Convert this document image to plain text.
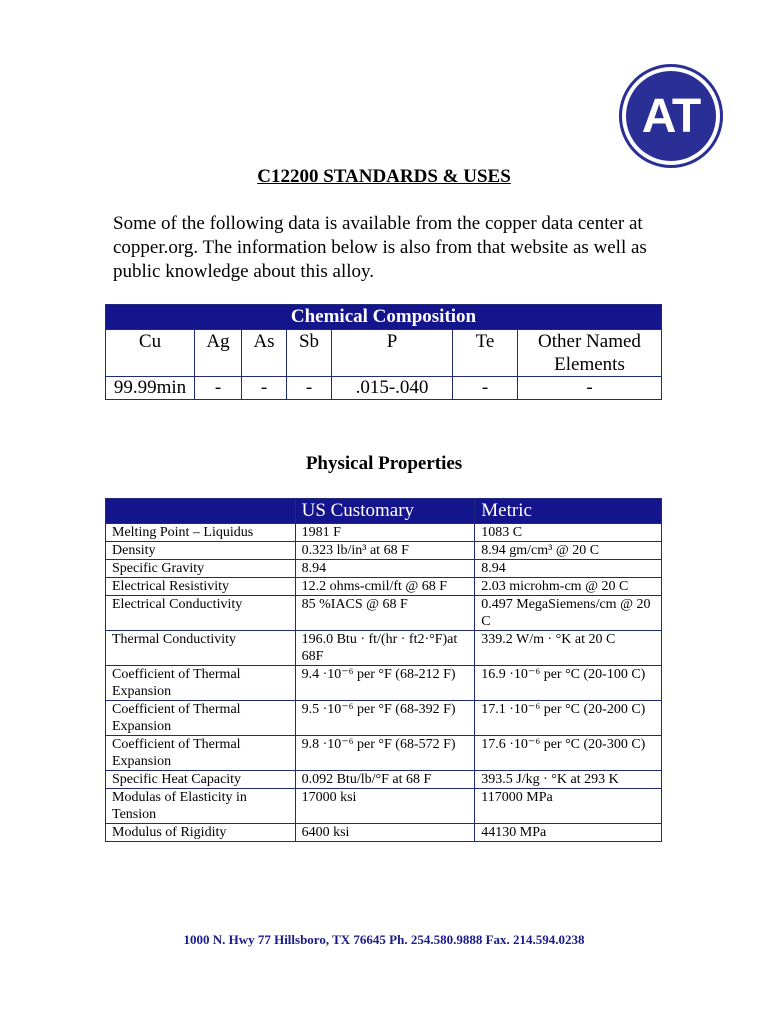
AT
C12200 STANDARDS & USES

Some of the following data is available from the copper data center at copper.org. The information below is also from that website as well as public knowledge about this alloy.

Chemical Composition						
Cu	Ag	As	Sb	P	Te	Other Named Elements
99.99min	-	-	-	.015-.040	-	-
Physical Properties
	US Customary	Metric
Melting Point – Liquidus	1981 F	1083 C
Density	0.323 lb/in³ at 68 F	8.94 gm/cm³ @ 20 C
Specific Gravity	8.94	8.94
Electrical Resistivity	12.2 ohms-cmil/ft @ 68 F	2.03 microhm-cm @ 20 C
Electrical Conductivity	85 %IACS @ 68 F	0.497 MegaSiemens/cm @ 20 C
Thermal Conductivity	196.0 Btu · ft/(hr · ft2·°F)at 68F	339.2 W/m · °K at 20 C
Coefficient of Thermal Expansion	9.4 ·10⁻⁶ per °F (68-212 F)	16.9 ·10⁻⁶ per °C (20-100 C)
Coefficient of Thermal Expansion	9.5 ·10⁻⁶ per °F (68-392 F)	17.1 ·10⁻⁶ per °C (20-200 C)
Coefficient of Thermal Expansion	9.8 ·10⁻⁶ per °F (68-572 F)	17.6 ·10⁻⁶ per °C (20-300 C)
Specific Heat Capacity	0.092 Btu/lb/°F at 68 F	393.5 J/kg · °K at 293 K
Modulas of Elasticity in Tension	17000 ksi	117000 MPa
Modulus of Rigidity	6400 ksi	44130 MPa
1000 N. Hwy 77 Hillsboro, TX 76645 Ph. 254.580.9888 Fax. 214.594.0238
